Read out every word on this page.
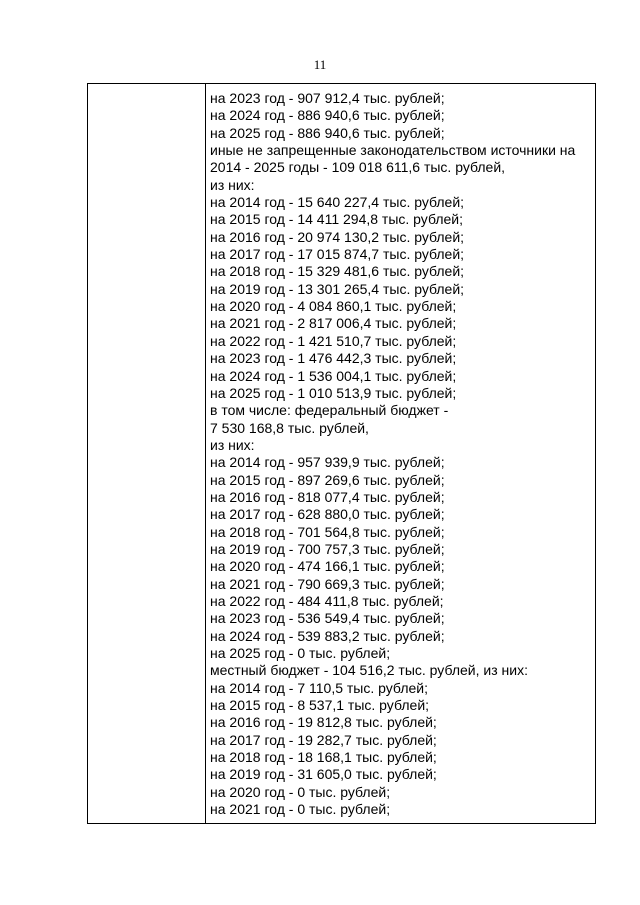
11
на 2023 год - 907 912,4 тыс. рублей;
на 2024 год - 886 940,6 тыс. рублей;
на 2025 год - 886 940,6 тыс. рублей;
иные не запрещенные законодательством источники на
2014 - 2025 годы - 109 018 611,6 тыс. рублей,
из них:
на 2014 год - 15 640 227,4 тыс. рублей;
на 2015 год - 14 411 294,8 тыс. рублей;
на 2016 год - 20 974 130,2 тыс. рублей;
на 2017 год - 17 015 874,7 тыс. рублей;
на 2018 год - 15 329 481,6 тыс. рублей;
на 2019 год - 13 301 265,4 тыс. рублей;
на 2020 год - 4 084 860,1 тыс. рублей;
на 2021 год - 2 817 006,4 тыс. рублей;
на 2022 год - 1 421 510,7 тыс. рублей;
на 2023 год - 1 476 442,3 тыс. рублей;
на 2024 год - 1 536 004,1 тыс. рублей;
на 2025 год - 1 010 513,9 тыс. рублей;
в том числе: федеральный бюджет -
7 530 168,8 тыс. рублей,
из них:
на 2014 год - 957 939,9 тыс. рублей;
на 2015 год - 897 269,6 тыс. рублей;
на 2016 год - 818 077,4 тыс. рублей;
на 2017 год - 628 880,0 тыс. рублей;
на 2018 год - 701 564,8 тыс. рублей;
на 2019 год - 700 757,3 тыс. рублей;
на 2020 год - 474 166,1 тыс. рублей;
на 2021 год - 790 669,3 тыс. рублей;
на 2022 год - 484 411,8 тыс. рублей;
на 2023 год - 536 549,4 тыс. рублей;
на 2024 год - 539 883,2 тыс. рублей;
на 2025 год - 0 тыс. рублей;
местный бюджет - 104 516,2 тыс. рублей, из них:
на 2014 год - 7 110,5 тыс. рублей;
на 2015 год - 8 537,1 тыс. рублей;
на 2016 год - 19 812,8 тыс. рублей;
на 2017 год - 19 282,7 тыс. рублей;
на 2018 год - 18 168,1 тыс. рублей;
на 2019 год - 31 605,0 тыс. рублей;
на 2020 год - 0 тыс. рублей;
на 2021 год - 0 тыс. рублей;
